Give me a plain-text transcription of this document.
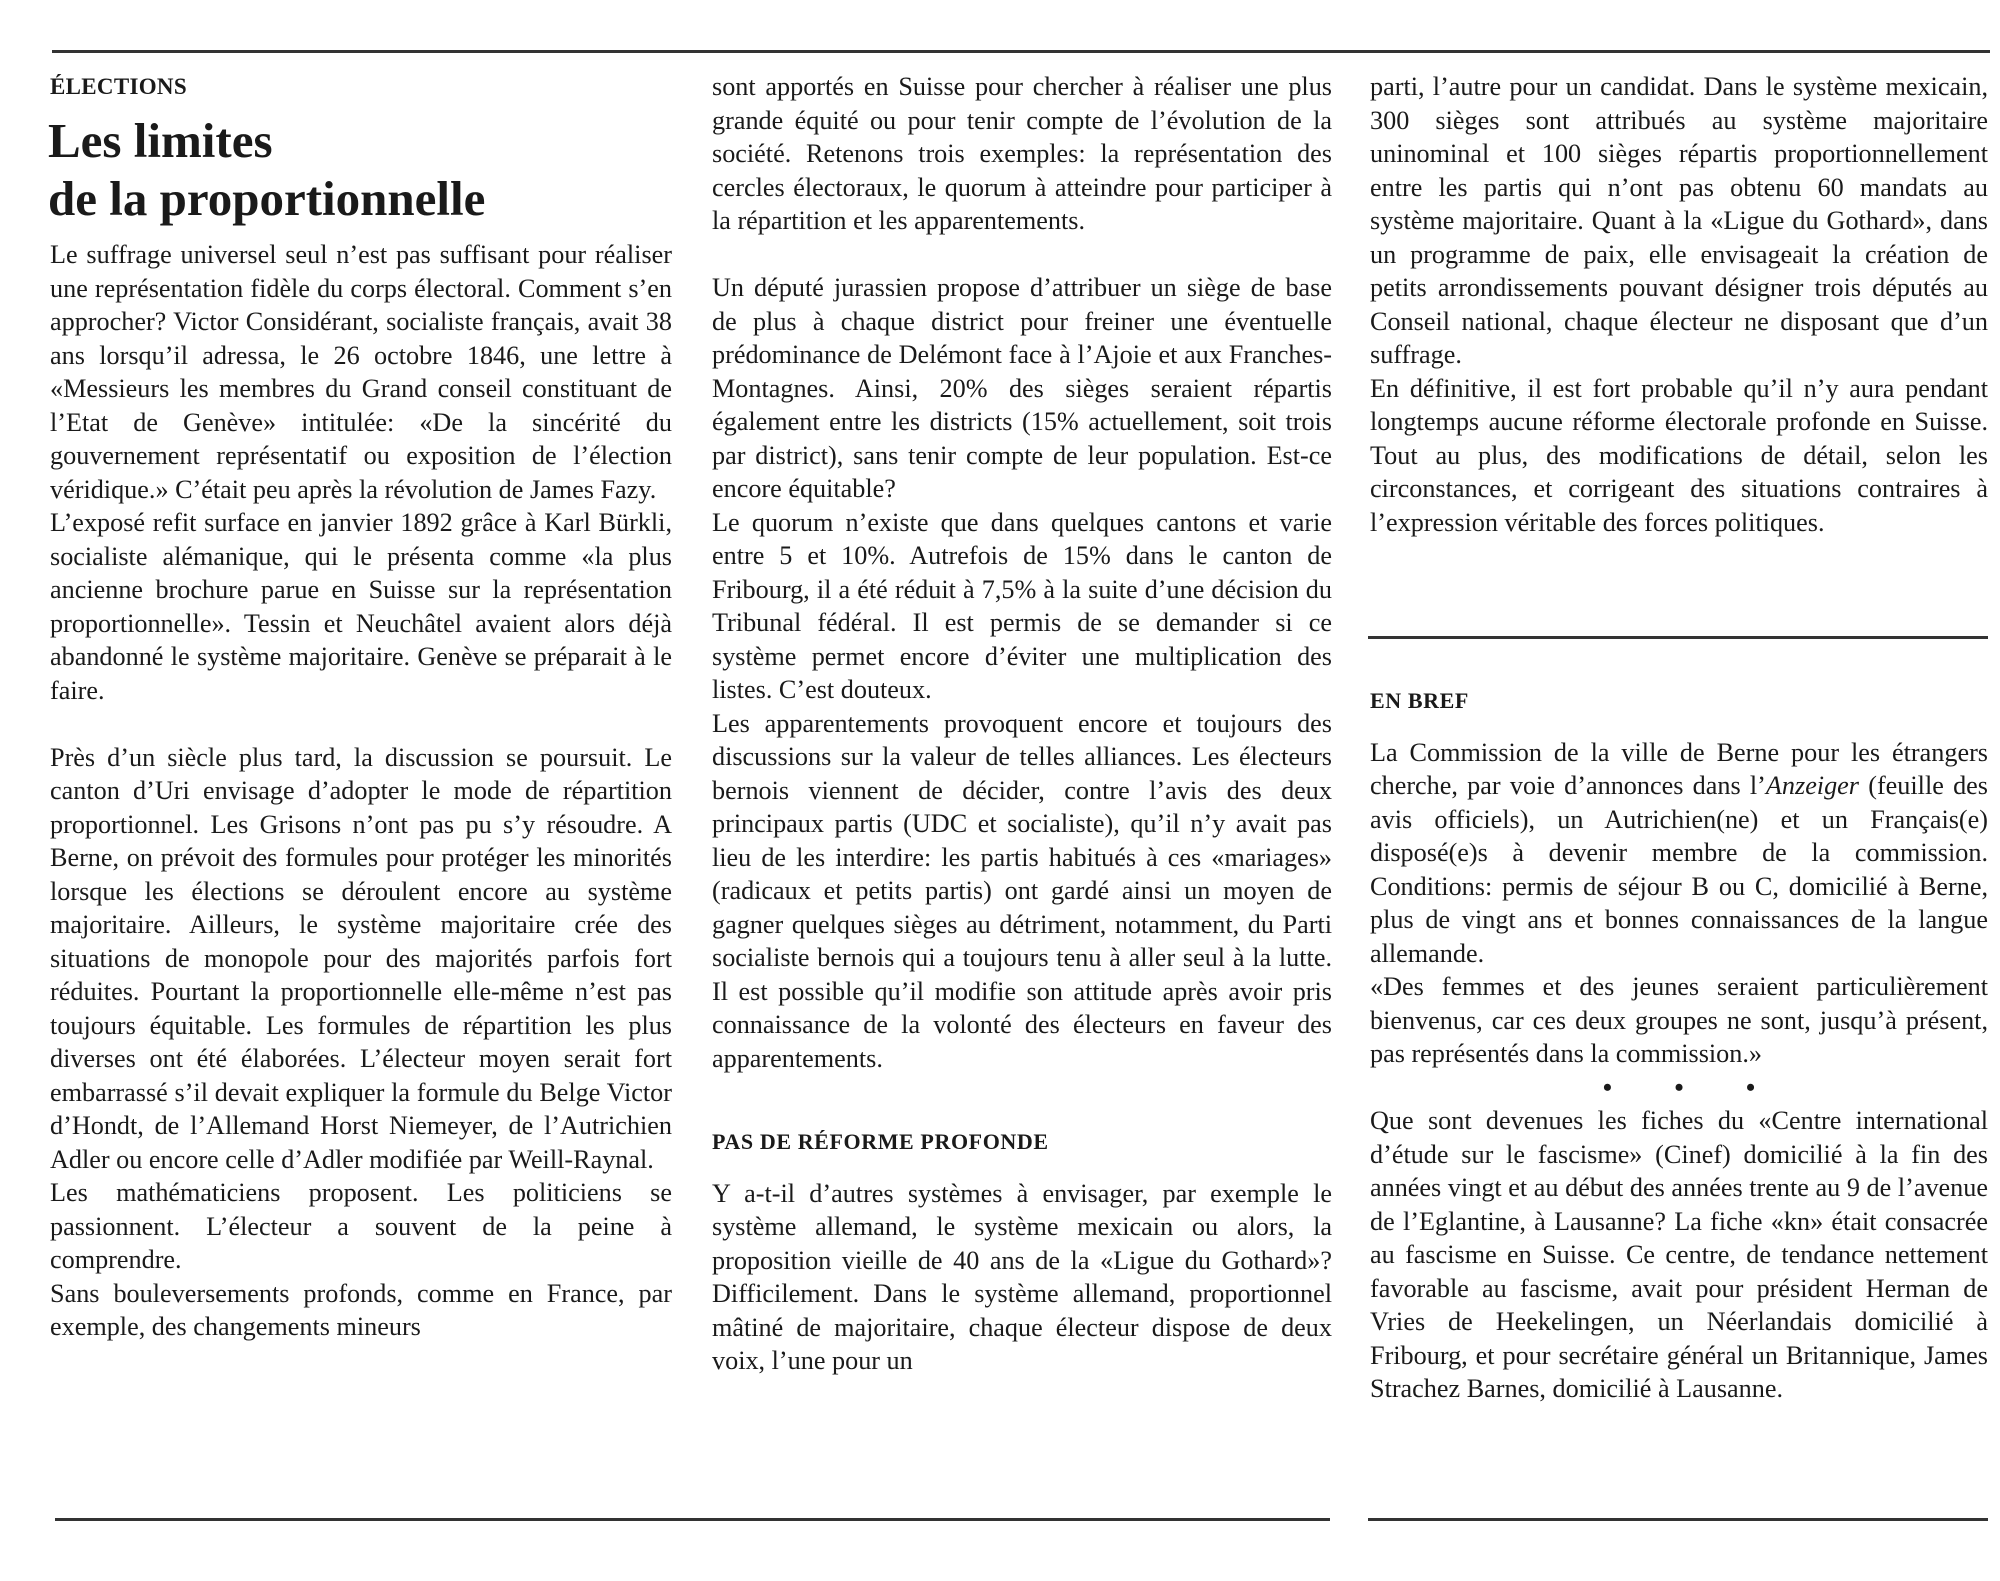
ÉLECTIONS

Les limites
de la proportionnelle

Le suffrage universel seul n’est pas suffisant pour réaliser une représentation fidèle du corps électoral. Comment s’en approcher? Victor Considérant, socialiste français, avait 38 ans lorsqu’il adressa, le 26 octobre 1846, une lettre à «Messieurs les membres du Grand conseil constituant de l’Etat de Genève» intitulée: «De la sincérité du gouvernement représentatif ou exposition de l’élection véridique.» C’était peu après la révolution de James Fazy.

L’exposé refit surface en janvier 1892 grâce à Karl Bürkli, socialiste alémanique, qui le présenta comme «la plus ancienne brochure parue en Suisse sur la représentation proportionnelle». Tessin et Neuchâtel avaient alors déjà abandonné le système majoritaire. Genève se préparait à le faire.

Près d’un siècle plus tard, la discussion se poursuit. Le canton d’Uri envisage d’adopter le mode de répartition proportionnel. Les Grisons n’ont pas pu s’y résoudre. A Berne, on prévoit des formules pour protéger les minorités lorsque les élections se déroulent encore au système majoritaire. Ailleurs, le système majoritaire crée des situations de monopole pour des majorités parfois fort réduites. Pourtant la proportionnelle elle-même n’est pas toujours équitable. Les formules de répartition les plus diverses ont été élaborées. L’électeur moyen serait fort embarrassé s’il devait expliquer la formule du Belge Victor d’Hondt, de l’Allemand Horst Niemeyer, de l’Autrichien Adler ou encore celle d’Adler modifiée par Weill-Raynal.

Les mathématiciens proposent. Les politiciens se passionnent. L’électeur a souvent de la peine à comprendre.

Sans bouleversements profonds, comme en France, par exemple, des changements mineurs

sont apportés en Suisse pour chercher à réaliser une plus grande équité ou pour tenir compte de l’évolution de la société. Retenons trois exemples: la représentation des cercles électoraux, le quorum à atteindre pour participer à la répartition et les apparentements.

Un député jurassien propose d’attribuer un siège de base de plus à chaque district pour freiner une éventuelle prédominance de Delémont face à l’Ajoie et aux Franches-Montagnes. Ainsi, 20% des sièges seraient répartis également entre les districts (15% actuellement, soit trois par district), sans tenir compte de leur population. Est-ce encore équitable?

Le quorum n’existe que dans quelques cantons et varie entre 5 et 10%. Autrefois de 15% dans le canton de Fribourg, il a été réduit à 7,5% à la suite d’une décision du Tribunal fédéral. Il est permis de se demander si ce système permet encore d’éviter une multiplication des listes. C’est douteux.

Les apparentements provoquent encore et toujours des discussions sur la valeur de telles alliances. Les électeurs bernois viennent de décider, contre l’avis des deux principaux partis (UDC et socialiste), qu’il n’y avait pas lieu de les interdire: les partis habitués à ces «mariages» (radicaux et petits partis) ont gardé ainsi un moyen de gagner quelques sièges au détriment, notamment, du Parti socialiste bernois qui a toujours tenu à aller seul à la lutte. Il est possible qu’il modifie son attitude après avoir pris connaissance de la volonté des électeurs en faveur des apparentements.

PAS DE RÉFORME PROFONDE

Y a-t-il d’autres systèmes à envisager, par exemple le système allemand, le système mexicain ou alors, la proposition vieille de 40 ans de la «Ligue du Gothard»? Difficilement. Dans le système allemand, proportionnel mâtiné de majoritaire, chaque électeur dispose de deux voix, l’une pour un

parti, l’autre pour un candidat. Dans le système mexicain, 300 sièges sont attribués au système majoritaire uninominal et 100 sièges répartis proportionnellement entre les partis qui n’ont pas obtenu 60 mandats au système majoritaire. Quant à la «Ligue du Gothard», dans un programme de paix, elle envisageait la création de petits arrondissements pouvant désigner trois députés au Conseil national, chaque électeur ne disposant que d’un suffrage.

En définitive, il est fort probable qu’il n’y aura pendant longtemps aucune réforme électorale profonde en Suisse. Tout au plus, des modifications de détail, selon les circonstances, et corrigeant des situations contraires à l’expression véritable des forces politiques.

EN BREF

La Commission de la ville de Berne pour les étrangers cherche, par voie d’annonces dans l’Anzeiger (feuille des avis officiels), un Autrichien(ne) et un Français(e) disposé(e)s à devenir membre de la commission. Conditions: permis de séjour B ou C, domicilié à Berne, plus de vingt ans et bonnes connaissances de la langue allemande.

«Des femmes et des jeunes seraient particulièrement bienvenus, car ces deux groupes ne sont, jusqu’à présent, pas représentés dans la commission.»

• • •

Que sont devenues les fiches du «Centre international d’étude sur le fascisme» (Cinef) domicilié à la fin des années vingt et au début des années trente au 9 de l’avenue de l’Eglantine, à Lausanne? La fiche «kn» était consacrée au fascisme en Suisse. Ce centre, de tendance nettement favorable au fascisme, avait pour président Herman de Vries de Heekelingen, un Néerlandais domicilié à Fribourg, et pour secrétaire général un Britannique, James Strachez Barnes, domicilié à Lausanne.
